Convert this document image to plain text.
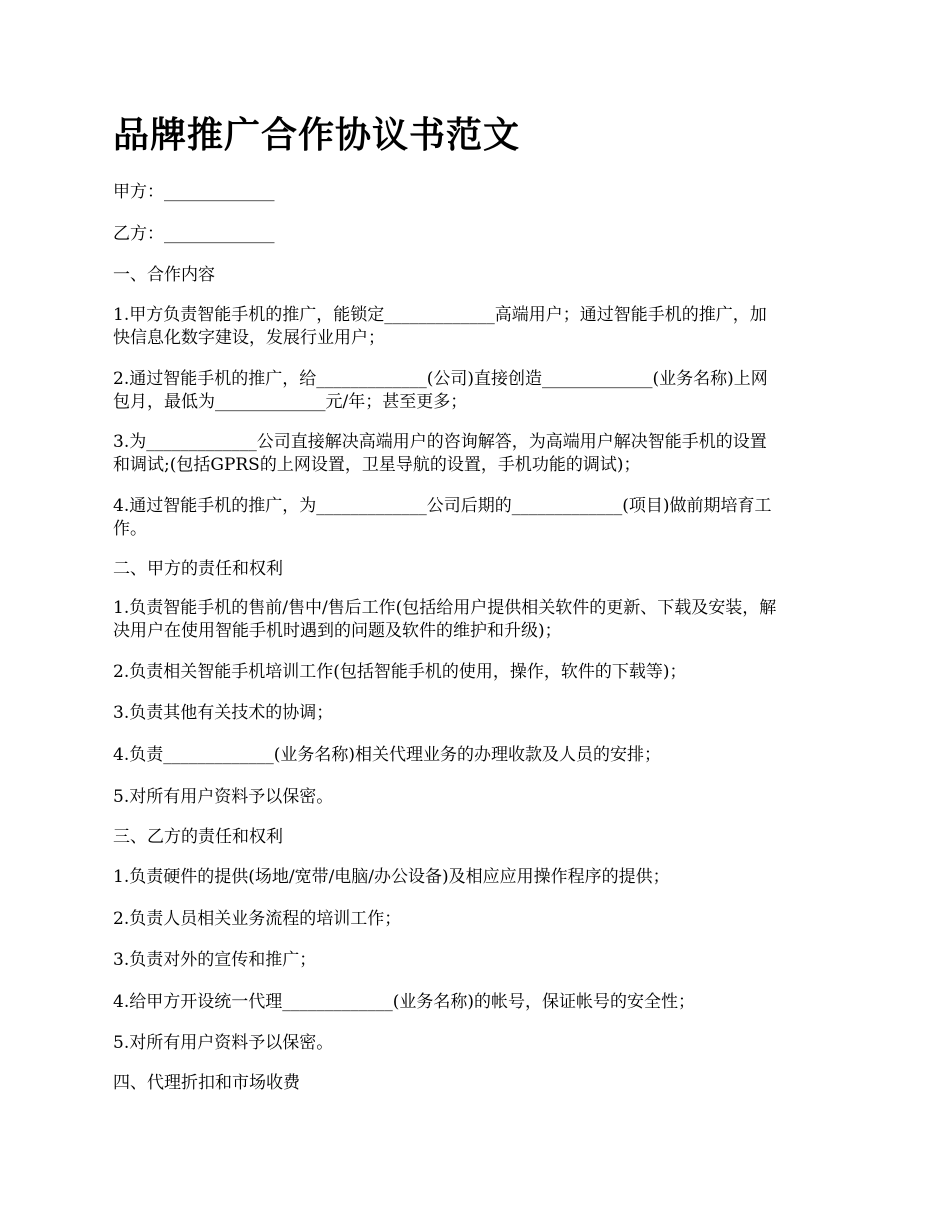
品牌推广合作协议书范文
甲方：_____________
乙方：_____________
一、合作内容
1.甲方负责智能手机的推广，能锁定_____________高端用户；通过智能手机的推广，加
快信息化数字建设，发展行业用户；
2.通过智能手机的推广，给_____________(公司)直接创造_____________(业务名称)上网
包月，最低为_____________元/年；甚至更多；
3.为_____________公司直接解决高端用户的咨询解答，为高端用户解决智能手机的设置
和调试;(包括GPRS的上网设置，卫星导航的设置，手机功能的调试)；
4.通过智能手机的推广，为_____________公司后期的_____________(项目)做前期培育工
作。
二、甲方的责任和权利
1.负责智能手机的售前/售中/售后工作(包括给用户提供相关软件的更新、下载及安装，解
决用户在使用智能手机时遇到的问题及软件的维护和升级)；
2.负责相关智能手机培训工作(包括智能手机的使用，操作，软件的下载等)；
3.负责其他有关技术的协调；
4.负责_____________(业务名称)相关代理业务的办理收款及人员的安排；
5.对所有用户资料予以保密。
三、乙方的责任和权利
1.负责硬件的提供(场地/宽带/电脑/办公设备)及相应应用操作程序的提供；
2.负责人员相关业务流程的培训工作；
3.负责对外的宣传和推广；
4.给甲方开设统一代理_____________(业务名称)的帐号，保证帐号的安全性；
5.对所有用户资料予以保密。
四、代理折扣和市场收费
